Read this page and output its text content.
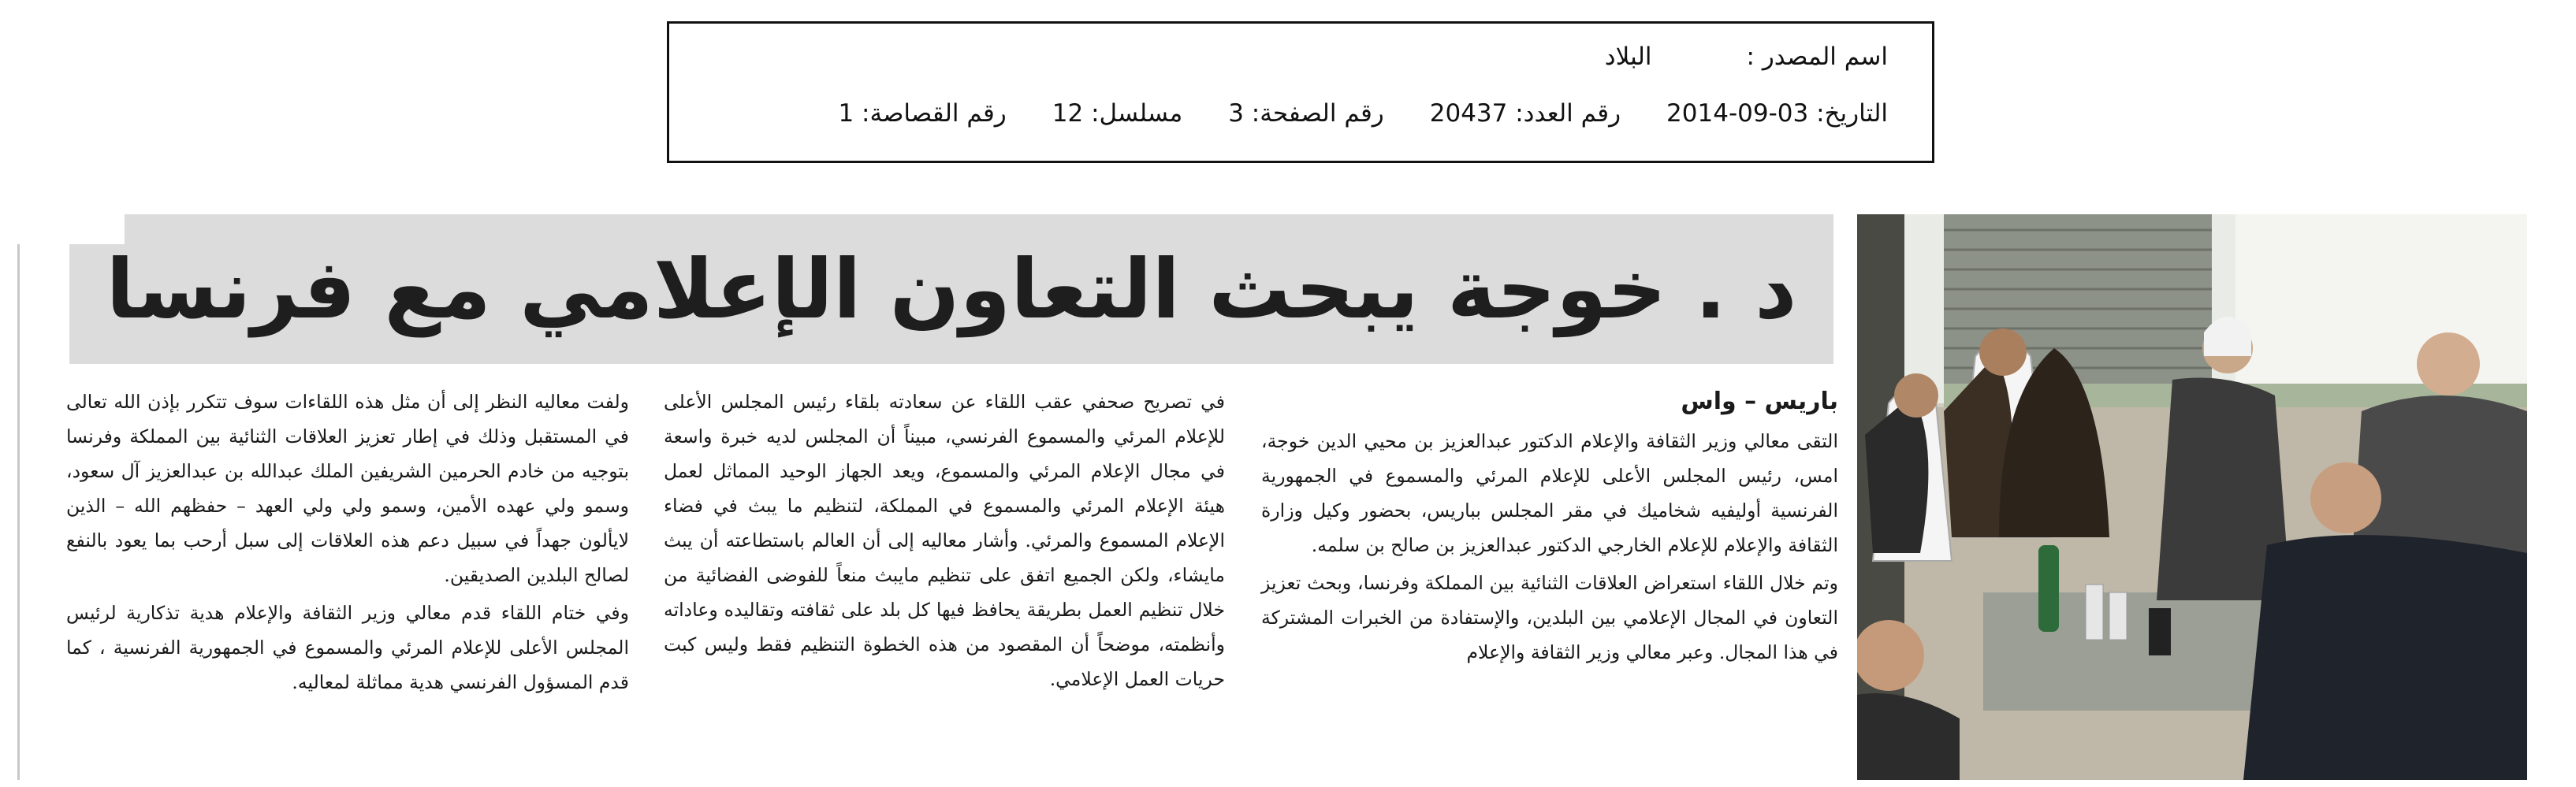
اسم المصدر :البلاد
التاريخ: 03-09-2014رقم العدد: 20437رقم الصفحة: 3مسلسل: 12رقم القصاصة: 1
د . خوجة يبحث التعاون الإعلامي مع فرنسا
باريس – واس

التقى معالي وزير الثقافة والإعلام الدكتور عبدالعزيز بن محيي الدين خوجة، امس، رئيس المجلس الأعلى للإعلام المرئي والمسموع في الجمهورية الفرنسية أوليفيه شخاميك في مقر المجلس بباريس، بحضور وكيل وزارة الثقافة والإعلام للإعلام الخارجي الدكتور عبدالعزيز بن صالح بن سلمه.

وتم خلال اللقاء استعراض العلاقات الثنائية بين المملكة وفرنسا، وبحث تعزيز التعاون في المجال الإعلامي بين البلدين، والإستفادة من الخبرات المشتركة في هذا المجال. وعبر معالي وزير الثقافة والإعلام

في تصريح صحفي عقب اللقاء عن سعادته بلقاء رئيس المجلس الأعلى للإعلام المرئي والمسموع الفرنسي، مبيناً أن المجلس لديه خبرة واسعة في مجال الإعلام المرئي والمسموع، ويعد الجهاز الوحيد المماثل لعمل هيئة الإعلام المرئي والمسموع في المملكة، لتنظيم ما يبث في فضاء الإعلام المسموع والمرئي. وأشار معاليه إلى أن العالم باستطاعته أن يبث مايشاء، ولكن الجميع اتفق على تنظيم مايبث منعاً للفوضى الفضائية من خلال تنظيم العمل بطريقة يحافظ فيها كل بلد على ثقافته وتقاليده وعاداته وأنظمته، موضحاً أن المقصود من هذه الخطوة التنظيم فقط وليس كبت حريات العمل الإعلامي.

ولفت معاليه النظر إلى أن مثل هذه اللقاءات سوف تتكرر بإذن الله تعالى في المستقبل وذلك في إطار تعزيز العلاقات الثنائية بين المملكة وفرنسا بتوجيه من خادم الحرمين الشريفين الملك عبدالله بن عبدالعزيز آل سعود، وسمو ولي عهده الأمين، وسمو ولي ولي العهد – حفظهم الله – الذين لايألون جهداً في سبيل دعم هذه العلاقات إلى سبل أرحب بما يعود بالنفع لصالح البلدين الصديقين.

وفي ختام اللقاء قدم معالي وزير الثقافة والإعلام هدية تذكارية لرئيس المجلس الأعلى للإعلام المرئي والمسموع في الجمهورية الفرنسية ، كما قدم المسؤول الفرنسي هدية مماثلة لمعاليه.
